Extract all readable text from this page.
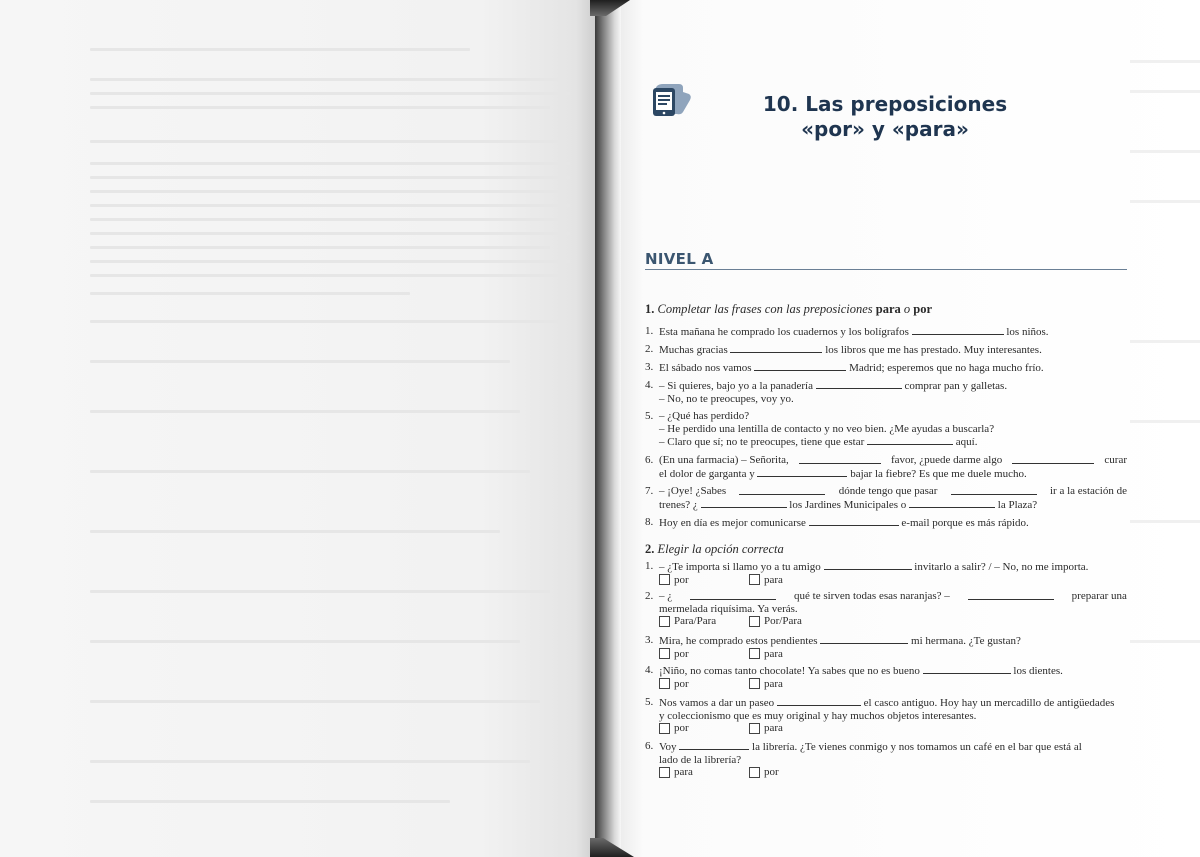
10. Las preposiciones
«por» y «para»
NIVEL A
1. Completar las frases con las preposiciones para o por
1. Esta mañana he comprado los cuadernos y los bolígrafos	los niños.
2. Muchas gracias	los libros que me has prestado. Muy interesantes.
3. El sábado nos vamos	Madrid; esperemos que no haga mucho frío.
4. – Si quieres, bajo yo a la panadería	comprar pan y galletas.
– No, no te preocupes, voy yo.
5. – ¿Qué has perdido?
– He perdido una lentilla de contacto y no veo bien. ¿Me ayudas a buscarla?
– Claro que sí; no te preocupes, tiene que estar	aquí.
6. (En una farmacia) – Señorita,	favor, ¿puede darme algo	curar
el dolor de garganta y	bajar la fiebre? Es que me duele mucho.
7. – ¡Oye! ¿Sabes	dónde tengo que pasar	ir a la estación de
trenes? ¿	los Jardines Municipales o	la Plaza?
8. Hoy en día es mejor comunicarse	e-mail porque es más rápido.
2. Elegir la opción correcta
1. – ¿Te importa si llamo yo a tu amigo	invitarlo a salir? / – No, no me importa.
por	para
2. – ¿	qué te sirven todas esas naranjas? –	preparar una
mermelada riquísima. Ya verás.
Para/Para	Por/Para
3. Mira, he comprado estos pendientes	mi hermana. ¿Te gustan?
por	para
4. ¡Niño, no comas tanto chocolate! Ya sabes que no es bueno	los dientes.
por	para
5. Nos vamos a dar un paseo	el casco antiguo. Hoy hay un mercadillo de antigüedades
y coleccionismo que es muy original y hay muchos objetos interesantes.
por	para
6. Voy	la librería. ¿Te vienes conmigo y nos tomamos un café en el bar que está al
lado de la librería?
para	por
